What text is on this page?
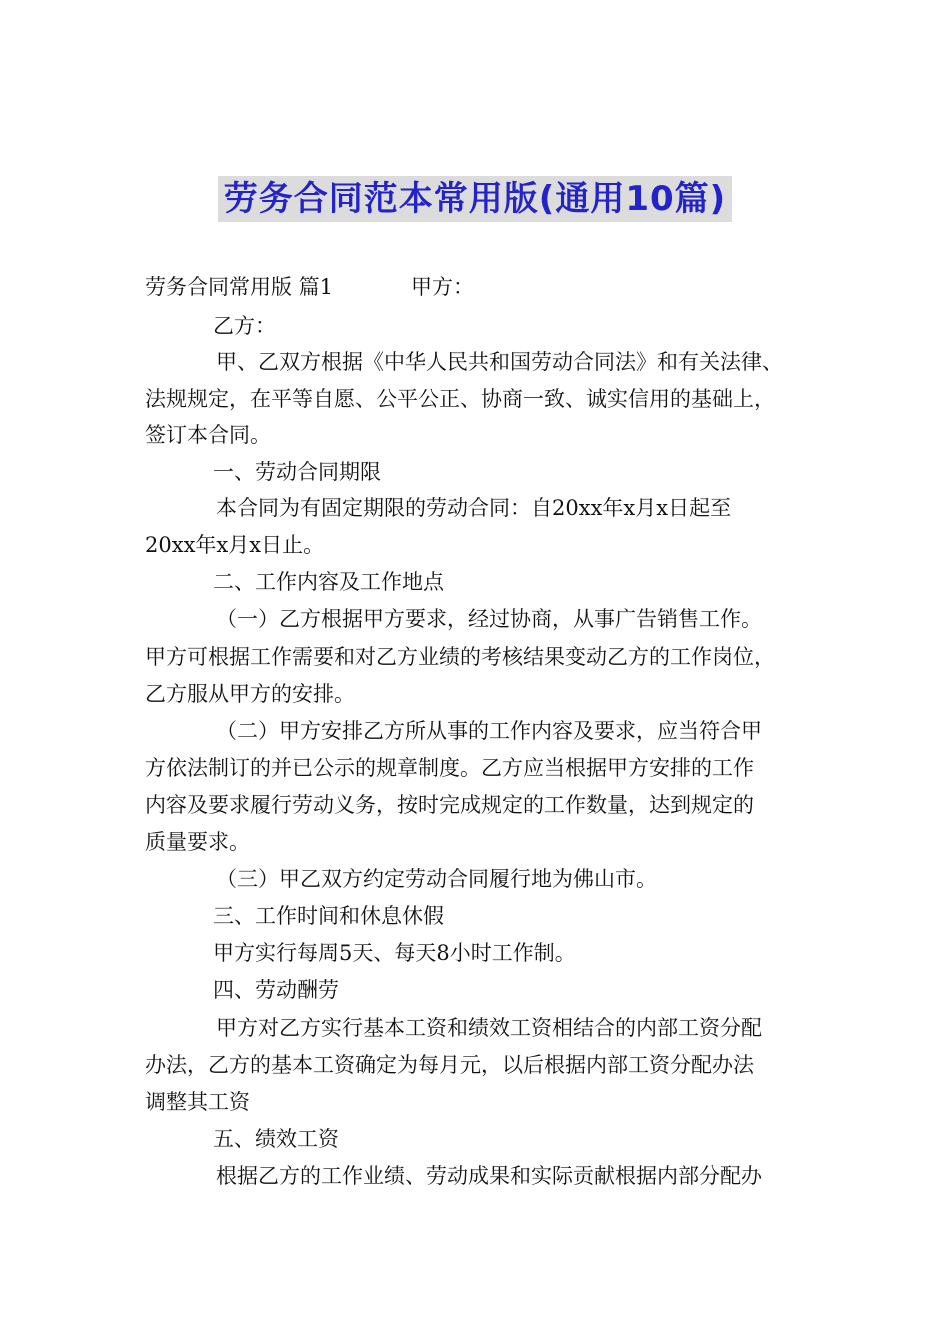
劳务合同范本常用版(通用10篇)
劳务合同常用版 篇1	甲方：
乙方：
甲、乙双方根据《中华人民共和国劳动合同法》和有关法律、
法规规定，在平等自愿、公平公正、协商一致、诚实信用的基础上，
签订本合同。
一、劳动合同期限
本合同为有固定期限的劳动合同：自20xx年x月x日起至
20xx年x月x日止。
二、工作内容及工作地点
（一）乙方根据甲方要求，经过协商，从事广告销售工作。
甲方可根据工作需要和对乙方业绩的考核结果变动乙方的工作岗位，
乙方服从甲方的安排。
（二）甲方安排乙方所从事的工作内容及要求，应当符合甲
方依法制订的并已公示的规章制度。乙方应当根据甲方安排的工作
内容及要求履行劳动义务，按时完成规定的工作数量，达到规定的
质量要求。
（三）甲乙双方约定劳动合同履行地为佛山市。
三、工作时间和休息休假
甲方实行每周5天、每天8小时工作制。
四、劳动酬劳
甲方对乙方实行基本工资和绩效工资相结合的内部工资分配
办法，乙方的基本工资确定为每月元，以后根据内部工资分配办法
调整其工资
五、绩效工资
根据乙方的工作业绩、劳动成果和实际贡献根据内部分配办
